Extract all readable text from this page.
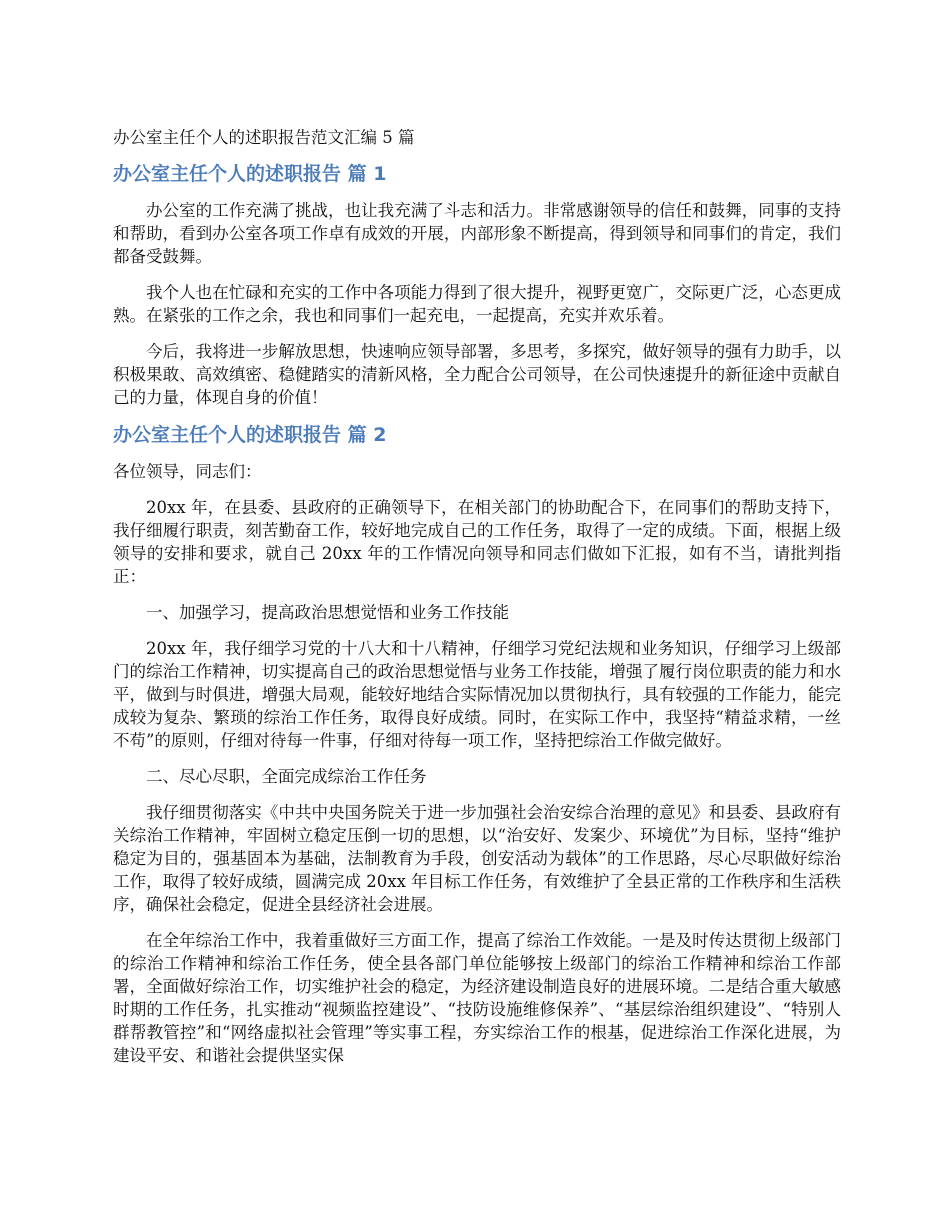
办公室主任个人的述职报告范文汇编 5 篇
办公室主任个人的述职报告 篇 1

办公室的工作充满了挑战，也让我充满了斗志和活力。非常感谢领导的信任和鼓舞，同事的支持和帮助，看到办公室各项工作卓有成效的开展，内部形象不断提高，得到领导和同事们的肯定，我们都备受鼓舞。

我个人也在忙碌和充实的工作中各项能力得到了很大提升，视野更宽广，交际更广泛，心态更成熟。在紧张的工作之余，我也和同事们一起充电，一起提高，充实并欢乐着。

今后，我将进一步解放思想，快速响应领导部署，多思考，多探究，做好领导的强有力助手，以积极果敢、高效缜密、稳健踏实的清新风格，全力配合公司领导，在公司快速提升的新征途中贡献自己的力量，体现自身的价值！

办公室主任个人的述职报告 篇 2

各位领导，同志们：

20xx 年，在县委、县政府的正确领导下，在相关部门的协助配合下，在同事们的帮助支持下，我仔细履行职责，刻苦勤奋工作，较好地完成自己的工作任务，取得了一定的成绩。下面，根据上级领导的安排和要求，就自己 20xx 年的工作情况向领导和同志们做如下汇报，如有不当，请批判指正：

一、加强学习，提高政治思想觉悟和业务工作技能

20xx 年，我仔细学习党的十八大和十八精神，仔细学习党纪法规和业务知识，仔细学习上级部门的综治工作精神，切实提高自己的政治思想觉悟与业务工作技能，增强了履行岗位职责的能力和水平，做到与时俱进，增强大局观，能较好地结合实际情况加以贯彻执行，具有较强的工作能力，能完成较为复杂、繁琐的综治工作任务，取得良好成绩。同时，在实际工作中，我坚持“精益求精，一丝不苟”的原则，仔细对待每一件事，仔细对待每一项工作，坚持把综治工作做完做好。

二、尽心尽职，全面完成综治工作任务

我仔细贯彻落实《中共中央国务院关于进一步加强社会治安综合治理的意见》和县委、县政府有关综治工作精神，牢固树立稳定压倒一切的思想，以“治安好、发案少、环境优”为目标，坚持“维护稳定为目的，强基固本为基础，法制教育为手段，创安活动为载体”的工作思路，尽心尽职做好综治工作，取得了较好成绩，圆满完成 20xx 年目标工作任务，有效维护了全县正常的工作秩序和生活秩序，确保社会稳定，促进全县经济社会进展。

在全年综治工作中，我着重做好三方面工作，提高了综治工作效能。一是及时传达贯彻上级部门的综治工作精神和综治工作任务，使全县各部门单位能够按上级部门的综治工作精神和综治工作部署，全面做好综治工作，切实维护社会的稳定，为经济建设制造良好的进展环境。二是结合重大敏感时期的工作任务，扎实推动“视频监控建设”、“技防设施维修保养”、“基层综治组织建设”、“特别人群帮教管控”和“网络虚拟社会管理”等实事工程，夯实综治工作的根基，促进综治工作深化进展，为建设平安、和谐社会提供坚实保
